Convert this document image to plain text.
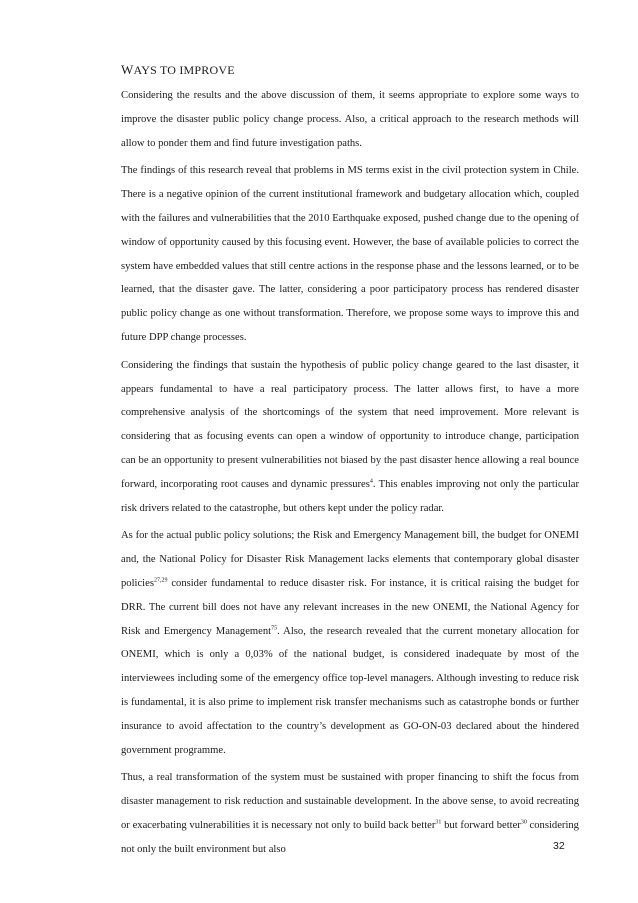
WAYS TO IMPROVE

Considering the results and the above discussion of them, it seems appropriate to explore some ways to improve the disaster public policy change process. Also, a critical approach to the research methods will allow to ponder them and find future investigation paths.

The findings of this research reveal that problems in MS terms exist in the civil protection system in Chile. There is a negative opinion of the current institutional framework and budgetary allocation which, coupled with the failures and vulnerabilities that the 2010 Earthquake exposed, pushed change due to the opening of window of opportunity caused by this focusing event. However, the base of available policies to correct the system have embedded values that still centre actions in the response phase and the lessons learned, or to be learned, that the disaster gave. The latter, considering a poor participatory process has rendered disaster public policy change as one without transformation. Therefore, we propose some ways to improve this and future DPP change processes.

Considering the findings that sustain the hypothesis of public policy change geared to the last disaster, it appears fundamental to have a real participatory process. The latter allows first, to have a more comprehensive analysis of the shortcomings of the system that need improvement. More relevant is considering that as focusing events can open a window of opportunity to introduce change, participation can be an opportunity to present vulnerabilities not biased by the past disaster hence allowing a real bounce forward, incorporating root causes and dynamic pressures$^4$. This enables improving not only the particular risk drivers related to the catastrophe, but others kept under the policy radar.

As for the actual public policy solutions; the Risk and Emergency Management bill, the budget for ONEMI and, the National Policy for Disaster Risk Management lacks elements that contemporary global disaster policies$^{27,29}$ consider fundamental to reduce disaster risk. For instance, it is critical raising the budget for DRR. The current bill does not have any relevant increases in the new ONEMI, the National Agency for Risk and Emergency Management$^{75}$. Also, the research revealed that the current monetary allocation for ONEMI, which is only a 0,03% of the national budget, is considered inadequate by most of the interviewees including some of the emergency office top-level managers. Although investing to reduce risk is fundamental, it is also prime to implement risk transfer mechanisms such as catastrophe bonds or further insurance to avoid affectation to the country’s development as GO-ON-03 declared about the hindered government programme.

Thus, a real transformation of the system must be sustained with proper financing to shift the focus from disaster management to risk reduction and sustainable development. In the above sense, to avoid recreating or exacerbating vulnerabilities it is necessary not only to build back better$^{31}$ but forward better$^{30}$ considering not only the built environment but also	32
